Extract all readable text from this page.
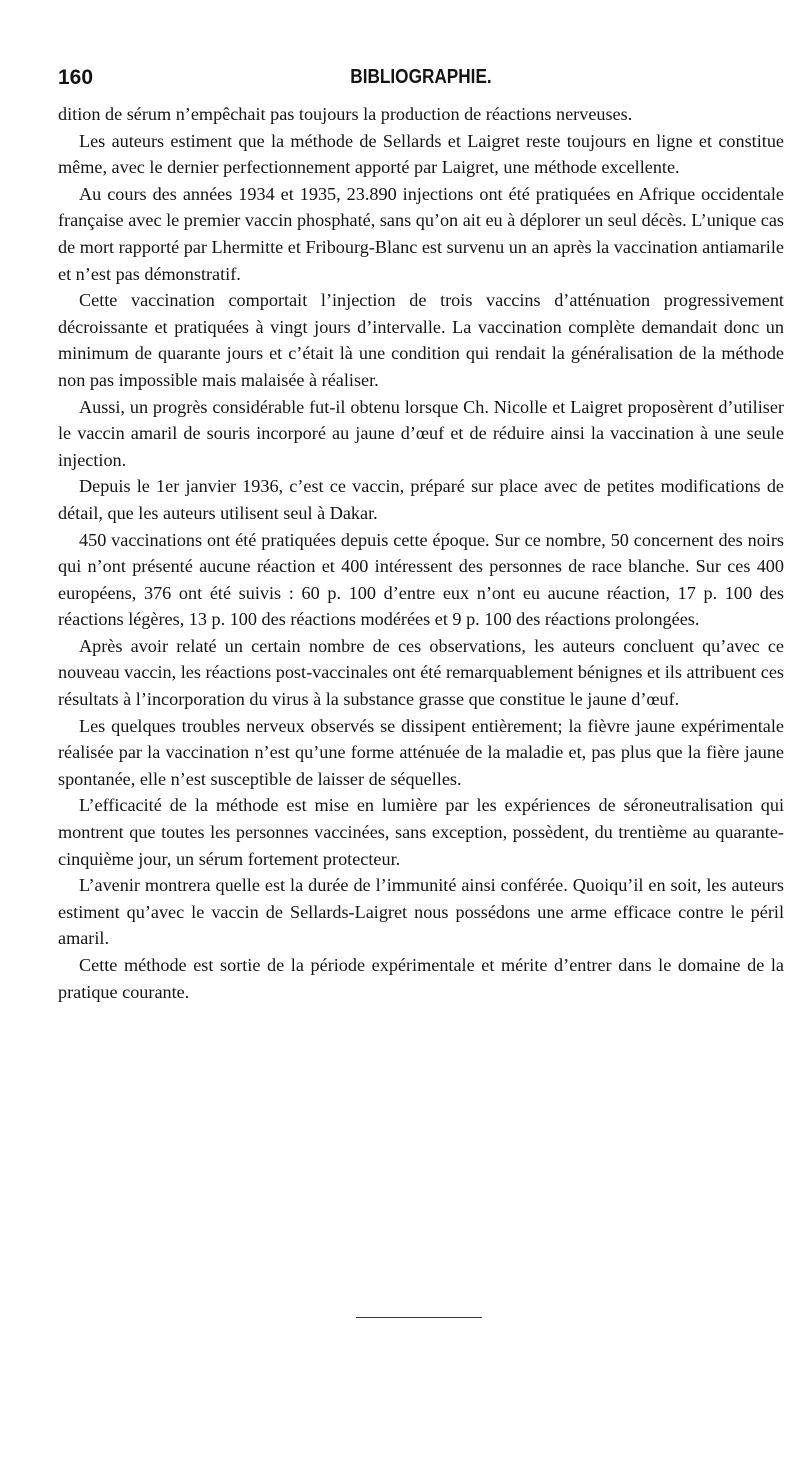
160	BIBLIOGRAPHIE.

dition de sérum n’empêchait pas toujours la production de réactions nerveuses.

Les auteurs estiment que la méthode de Sellards et Laigret reste toujours en ligne et constitue même, avec le dernier perfectionnement apporté par Laigret, une méthode excellente.

Au cours des années 1934 et 1935, 23.890 injections ont été pratiquées en Afrique occidentale française avec le premier vaccin phosphaté, sans qu’on ait eu à déplorer un seul décès. L’unique cas de mort rapporté par Lhermitte et Fribourg-Blanc est survenu un an après la vaccination antiamarile et n’est pas démonstratif.

Cette vaccination comportait l’injection de trois vaccins d’atténuation progressivement décroissante et pratiquées à vingt jours d’intervalle. La vaccination complète demandait donc un minimum de quarante jours et c’était là une condition qui rendait la généralisation de la méthode non pas impossible mais malaisée à réaliser.

Aussi, un progrès considérable fut-il obtenu lorsque Ch. Nicolle et Laigret proposèrent d’utiliser le vaccin amaril de souris incorporé au jaune d’œuf et de réduire ainsi la vaccination à une seule injection.

Depuis le 1er janvier 1936, c’est ce vaccin, préparé sur place avec de petites modifications de détail, que les auteurs utilisent seul à Dakar.

450 vaccinations ont été pratiquées depuis cette époque. Sur ce nombre, 50 concernent des noirs qui n’ont présenté aucune réaction et 400 intéressent des personnes de race blanche. Sur ces 400 européens, 376 ont été suivis : 60 p. 100 d’entre eux n’ont eu aucune réaction, 17 p. 100 des réactions légères, 13 p. 100 des réactions modérées et 9 p. 100 des réactions prolongées.

Après avoir relaté un certain nombre de ces observations, les auteurs concluent qu’avec ce nouveau vaccin, les réactions post-vaccinales ont été remarquablement bénignes et ils attribuent ces résultats à l’incorporation du virus à la substance grasse que constitue le jaune d’œuf.

Les quelques troubles nerveux observés se dissipent entièrement; la fièvre jaune expérimentale réalisée par la vaccination n’est qu’une forme atténuée de la maladie et, pas plus que la fière jaune spontanée, elle n’est susceptible de laisser de séquelles.

L’efficacité de la méthode est mise en lumière par les expériences de séroneutralisation qui montrent que toutes les personnes vaccinées, sans exception, possèdent, du trentième au quarante-cinquième jour, un sérum fortement protecteur.

L’avenir montrera quelle est la durée de l’immunité ainsi conférée. Quoiqu’il en soit, les auteurs estiment qu’avec le vaccin de Sellards-Laigret nous possédons une arme efficace contre le péril amaril.

Cette méthode est sortie de la période expérimentale et mérite d’entrer dans le domaine de la pratique courante.
